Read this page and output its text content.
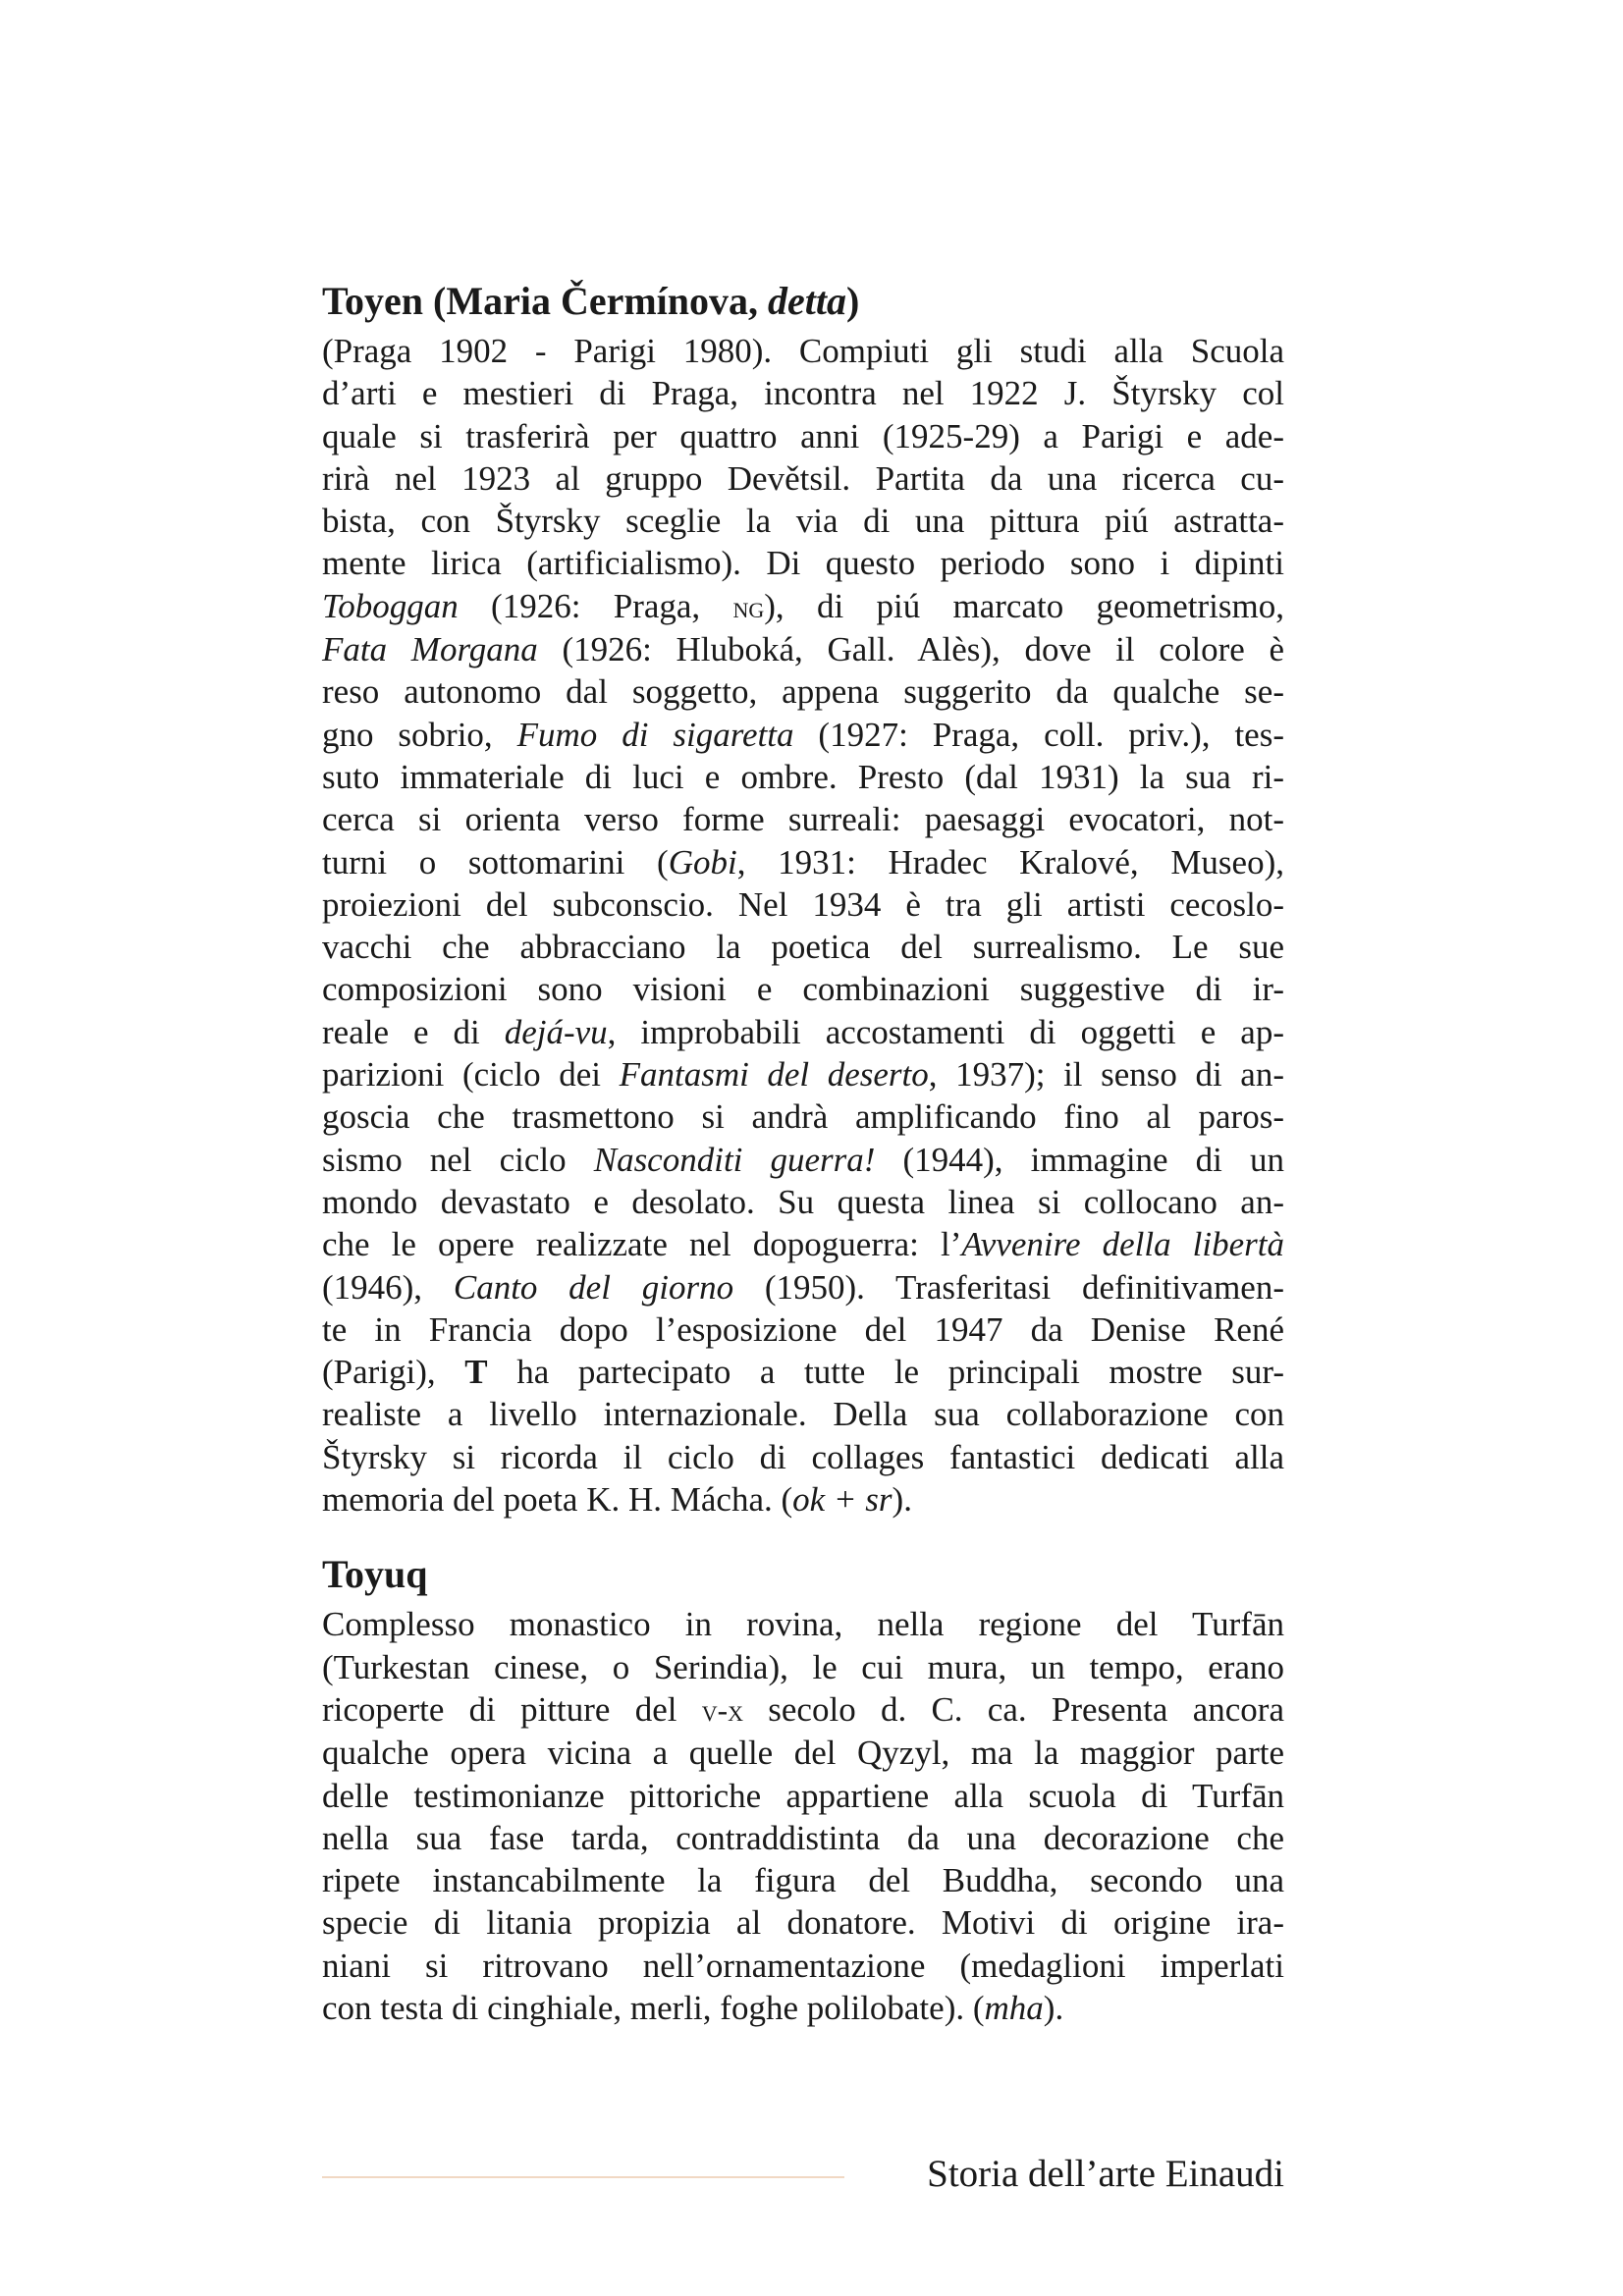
Toyen (Maria Čermínova, detta)
(Praga 1902 - Parigi 1980). Compiuti gli studi alla Scuola
d’arti e mestieri di Praga, incontra nel 1922 J. Štyrsky col
quale si trasferirà per quattro anni (1925-29) a Parigi e ade-
rirà nel 1923 al gruppo Devětsil. Partita da una ricerca cu-
bista, con Štyrsky sceglie la via di una pittura piú astratta-
mente lirica (artificialismo). Di questo periodo sono i dipinti
Toboggan (1926: Praga, ng), di piú marcato geometrismo,
Fata Morgana (1926: Hluboká, Gall. Alès), dove il colore è
reso autonomo dal soggetto, appena suggerito da qualche se-
gno sobrio, Fumo di sigaretta (1927: Praga, coll. priv.), tes-
suto immateriale di luci e ombre. Presto (dal 1931) la sua ri-
cerca si orienta verso forme surreali: paesaggi evocatori, not-
turni o sottomarini (Gobi, 1931: Hradec Kralové, Museo),
proiezioni del subconscio. Nel 1934 è tra gli artisti cecoslo-
vacchi che abbracciano la poetica del surrealismo. Le sue
composizioni sono visioni e combinazioni suggestive di ir-
reale e di dejá-vu, improbabili accostamenti di oggetti e ap-
parizioni (ciclo dei Fantasmi del deserto, 1937); il senso di an-
goscia che trasmettono si andrà amplificando fino al paros-
sismo nel ciclo Nasconditi guerra! (1944), immagine di un
mondo devastato e desolato. Su questa linea si collocano an-
che le opere realizzate nel dopoguerra: l’Avvenire della libertà
(1946), Canto del giorno (1950). Trasferitasi definitivamen-
te in Francia dopo l’esposizione del 1947 da Denise René
(Parigi), T ha partecipato a tutte le principali mostre sur-
realiste a livello internazionale. Della sua collaborazione con
Štyrsky si ricorda il ciclo di collages fantastici dedicati alla
memoria del poeta K. H. Mácha. (ok + sr).
Toyuq
Complesso monastico in rovina, nella regione del Turfān
(Turkestan cinese, o Serindia), le cui mura, un tempo, erano
ricoperte di pitture del v-x secolo d. C. ca. Presenta ancora
qualche opera vicina a quelle del Qyzyl, ma la maggior parte
delle testimonianze pittoriche appartiene alla scuola di Turfān
nella sua fase tarda, contraddistinta da una decorazione che
ripete instancabilmente la figura del Buddha, secondo una
specie di litania propizia al donatore. Motivi di origine ira-
niani si ritrovano nell’ornamentazione (medaglioni imperlati
con testa di cinghiale, merli, foghe polilobate). (mha).
Storia dell’arte Einaudi
